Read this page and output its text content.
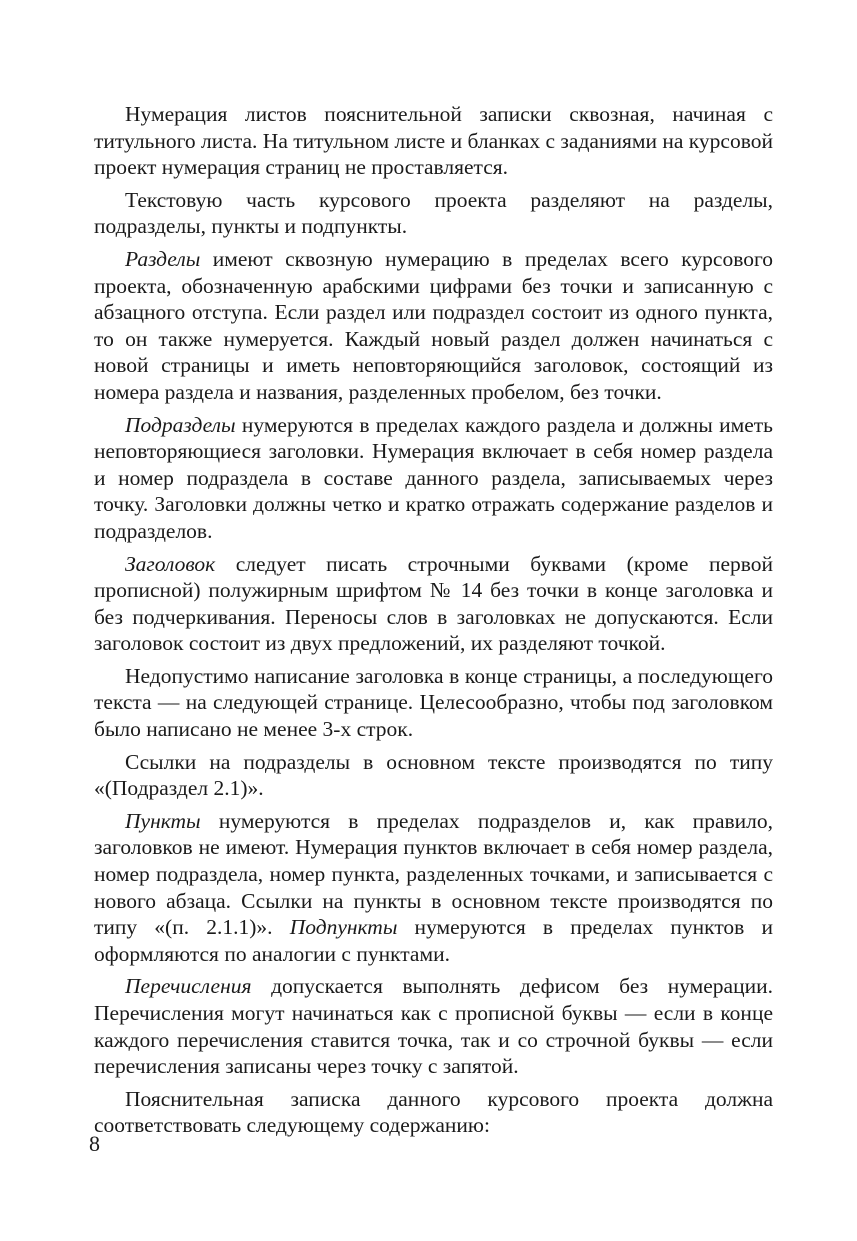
Нумерация листов пояснительной записки сквозная, начиная с титульного листа. На титульном листе и бланках с заданиями на курсовой проект нумерация страниц не проставляется.

Текстовую часть курсового проекта разделяют на разделы, подразделы, пункты и подпункты.

Разделы имеют сквозную нумерацию в пределах всего курсового проекта, обозначенную арабскими цифрами без точки и записанную с абзацного отступа. Если раздел или подраздел состоит из одного пункта, то он также нумеруется. Каждый новый раздел должен начинаться с новой страницы и иметь неповторяющийся заголовок, состоящий из номера раздела и названия, разделенных пробелом, без точки.

Подразделы нумеруются в пределах каждого раздела и должны иметь неповторяющиеся заголовки. Нумерация включает в себя номер раздела и номер подраздела в составе данного раздела, записываемых через точку. Заголовки должны четко и кратко отражать содержание разделов и подразделов.

Заголовок следует писать строчными буквами (кроме первой прописной) полужирным шрифтом № 14 без точки в конце заголовка и без подчеркивания. Переносы слов в заголовках не допускаются. Если заголовок состоит из двух предложений, их разделяют точкой.

Недопустимо написание заголовка в конце страницы, а последующего текста — на следующей странице. Целесообразно, чтобы под заголовком было написано не менее 3-х строк.

Ссылки на подразделы в основном тексте производятся по типу «(Подраздел 2.1)».

Пункты нумеруются в пределах подразделов и, как правило, заголовков не имеют. Нумерация пунктов включает в себя номер раздела, номер подраздела, номер пункта, разделенных точками, и записывается с нового абзаца. Ссылки на пункты в основном тексте производятся по типу «(п. 2.1.1)». Подпункты нумеруются в пределах пунктов и оформляются по аналогии с пунктами.

Перечисления допускается выполнять дефисом без нумерации. Перечисления могут начинаться как с прописной буквы — если в конце каждого перечисления ставится точка, так и со строчной буквы — если перечисления записаны через точку с запятой.

Пояснительная записка данного курсового проекта должна соответствовать следующему содержанию:

8
